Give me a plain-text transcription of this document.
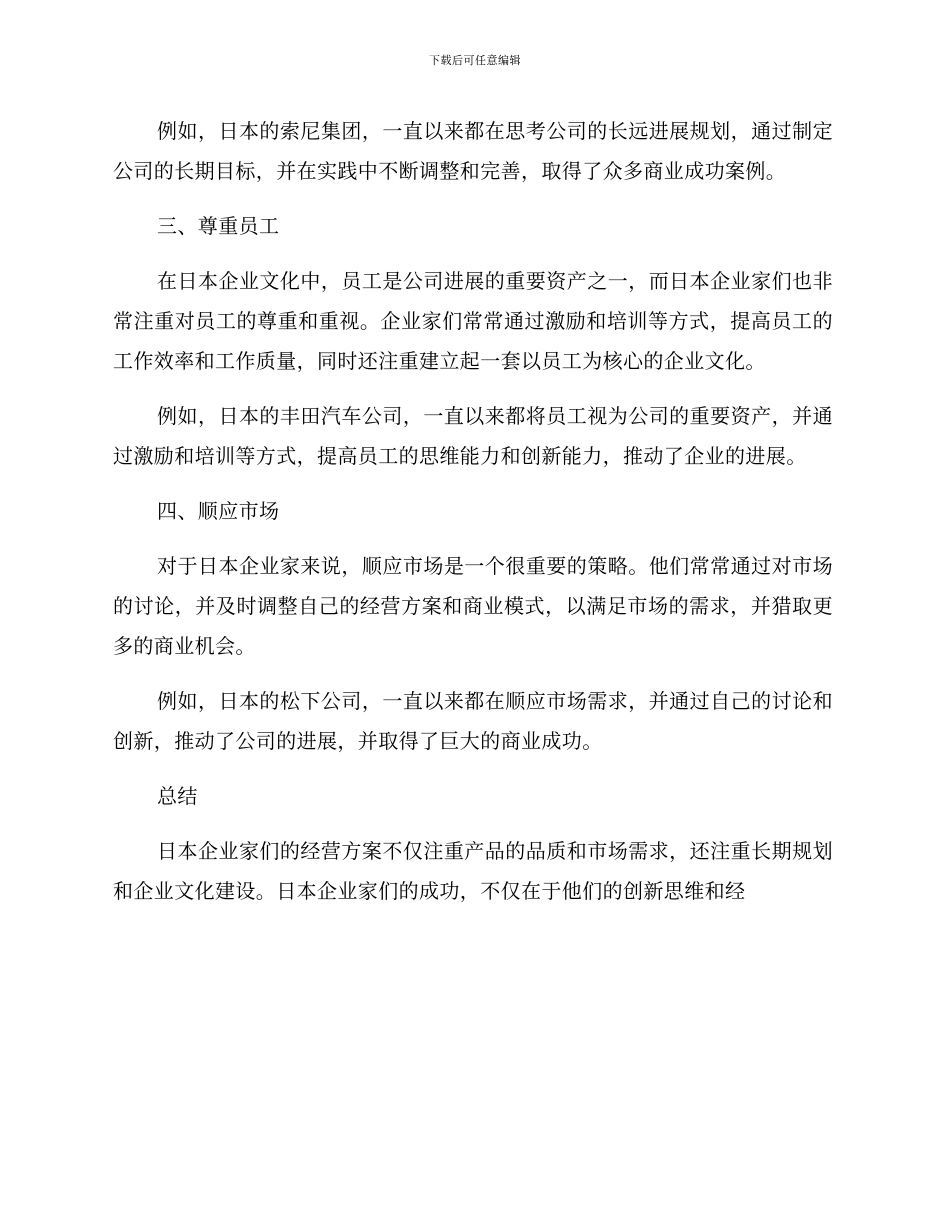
下载后可任意编辑

例如，日本的索尼集团，一直以来都在思考公司的长远进展规划，通过制定公司的长期目标，并在实践中不断调整和完善，取得了众多商业成功案例。

三、尊重员工

在日本企业文化中，员工是公司进展的重要资产之一，而日本企业家们也非常注重对员工的尊重和重视。企业家们常常通过激励和培训等方式，提高员工的工作效率和工作质量，同时还注重建立起一套以员工为核心的企业文化。

例如，日本的丰田汽车公司，一直以来都将员工视为公司的重要资产，并通过激励和培训等方式，提高员工的思维能力和创新能力，推动了企业的进展。

四、顺应市场

对于日本企业家来说，顺应市场是一个很重要的策略。他们常常通过对市场的讨论，并及时调整自己的经营方案和商业模式，以满足市场的需求，并猎取更多的商业机会。

例如，日本的松下公司，一直以来都在顺应市场需求，并通过自己的讨论和创新，推动了公司的进展，并取得了巨大的商业成功。

总结

日本企业家们的经营方案不仅注重产品的品质和市场需求，还注重长期规划和企业文化建设。日本企业家们的成功，不仅在于他们的创新思维和经
